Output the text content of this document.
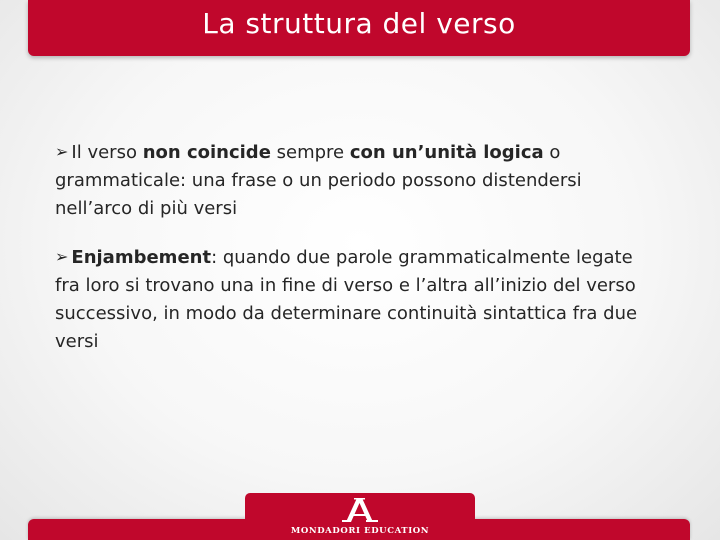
La struttura del verso

➢ Il verso non coincide sempre con un’unità logica o grammaticale: una frase o un periodo possono distendersi nell’arco di più versi

➢ Enjambement: quando due parole grammaticalmente legate fra loro si trovano una in fine di verso e l’altra all’inizio del verso successivo, in modo da determinare continuità sintattica fra due versi

MONDADORI EDUCATION
